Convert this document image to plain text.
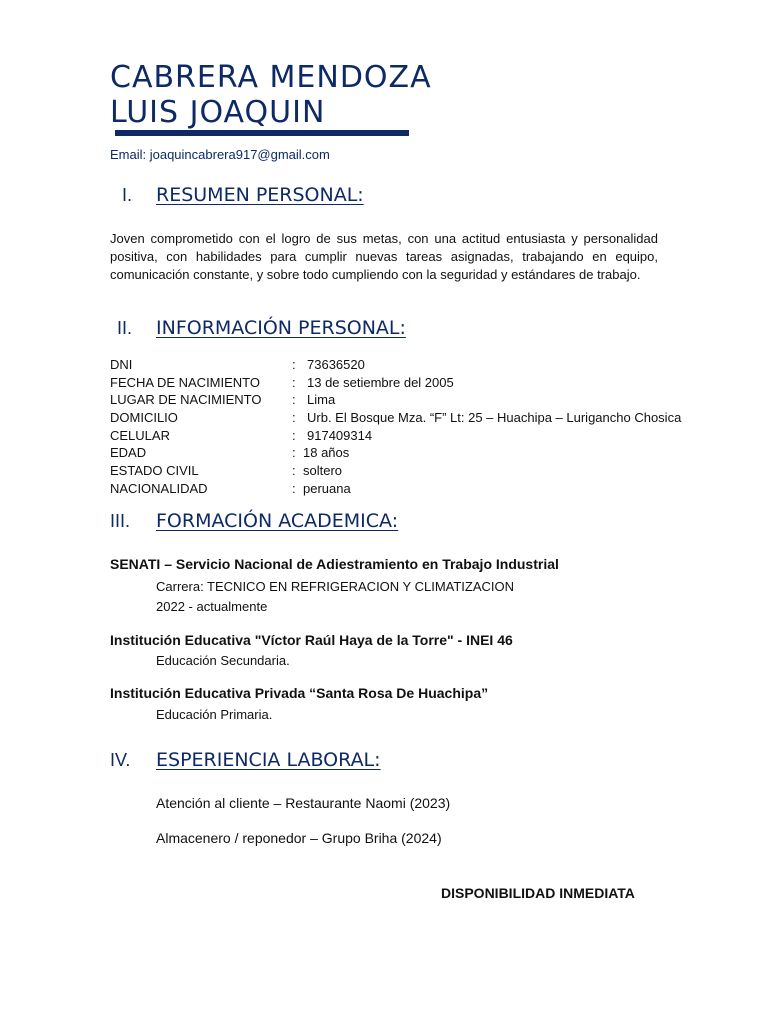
CABRERA MENDOZA
LUIS JOAQUIN
Email: joaquincabrera917@gmail.com
I. RESUMEN PERSONAL:
Joven comprometido con el logro de sus metas, con una actitud entusiasta y personalidad positiva, con habilidades para cumplir nuevas tareas asignadas, trabajando en equipo, comunicación constante, y sobre todo cumpliendo con la seguridad y estándares de trabajo.
II. INFORMACIÓN PERSONAL:
DNI	: 73636520
FECHA DE NACIMIENTO : 13 de setiembre del 2005
LUGAR DE NACIMIENTO : Lima
DOMICILIO	: Urb. El Bosque Mza. “F” Lt: 25 – Huachipa – Lurigancho Chosica
CELULAR	: 917409314
EDAD	: 18 años
ESTADO CIVIL	: soltero
NACIONALIDAD	: peruana
III. FORMACIÓN ACADEMICA:
SENATI – Servicio Nacional de Adiestramiento en Trabajo Industrial
Carrera: TECNICO EN REFRIGERACION Y CLIMATIZACION
2022 - actualmente
Institución Educativa "Víctor Raúl Haya de la Torre" - INEI 46
Educación Secundaria.
Institución Educativa Privada “Santa Rosa De Huachipa”
Educación Primaria.
IV. ESPERIENCIA LABORAL:
Atención al cliente – Restaurante Naomi (2023)
Almacenero / reponedor – Grupo Briha (2024)
DISPONIBILIDAD INMEDIATA
